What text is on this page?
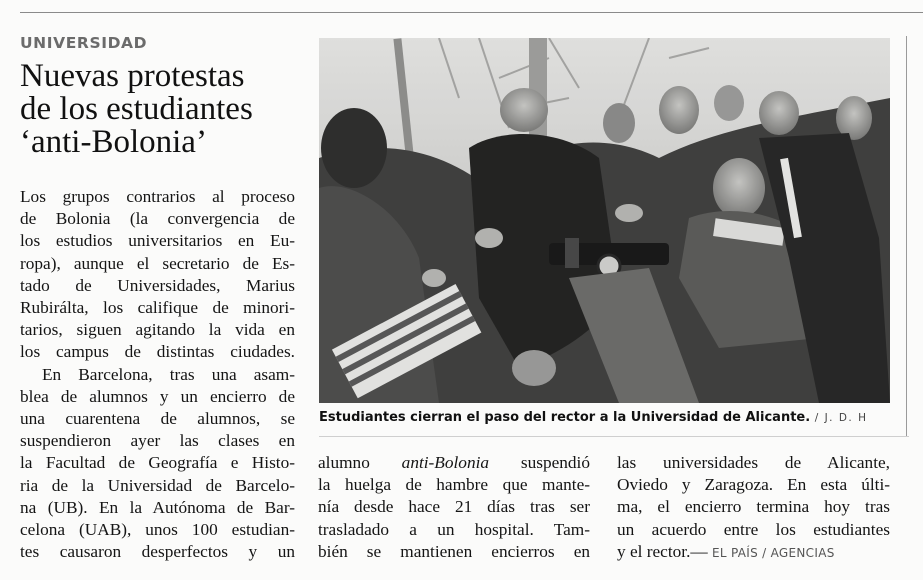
UNIVERSIDAD
Nuevas protestas
de los estudiantes
‘anti-Bolonia’
Los grupos contrarios al proceso
de Bolonia (la convergencia de
los estudios universitarios en Eu-
ropa), aunque el secretario de Es-
tado de Universidades, Marius
Rubirálta, los califique de minori-
tarios, siguen agitando la vida en
los campus de distintas ciudades.
En Barcelona, tras una asam-
blea de alumnos y un encierro de
una cuarentena de alumnos, se
suspendieron ayer las clases en
la Facultad de Geografía e Histo-
ria de la Universidad de Barcelo-
na (UB). En la Autónoma de Bar-
celona (UAB), unos 100 estudian-
tes causaron desperfectos y un
Estudiantes cierran el paso del rector a la Universidad de Alicante. / J. D. H
alumno anti-Bolonia suspendió
la huelga de hambre que mante-
nía desde hace 21 días tras ser
trasladado a un hospital. Tam-
bién se mantienen encierros en
las universidades de Alicante,
Oviedo y Zaragoza. En esta últi-
ma, el encierro termina hoy tras
un acuerdo entre los estudiantes
y el rector.— EL PAÍS / AGENCIAS
